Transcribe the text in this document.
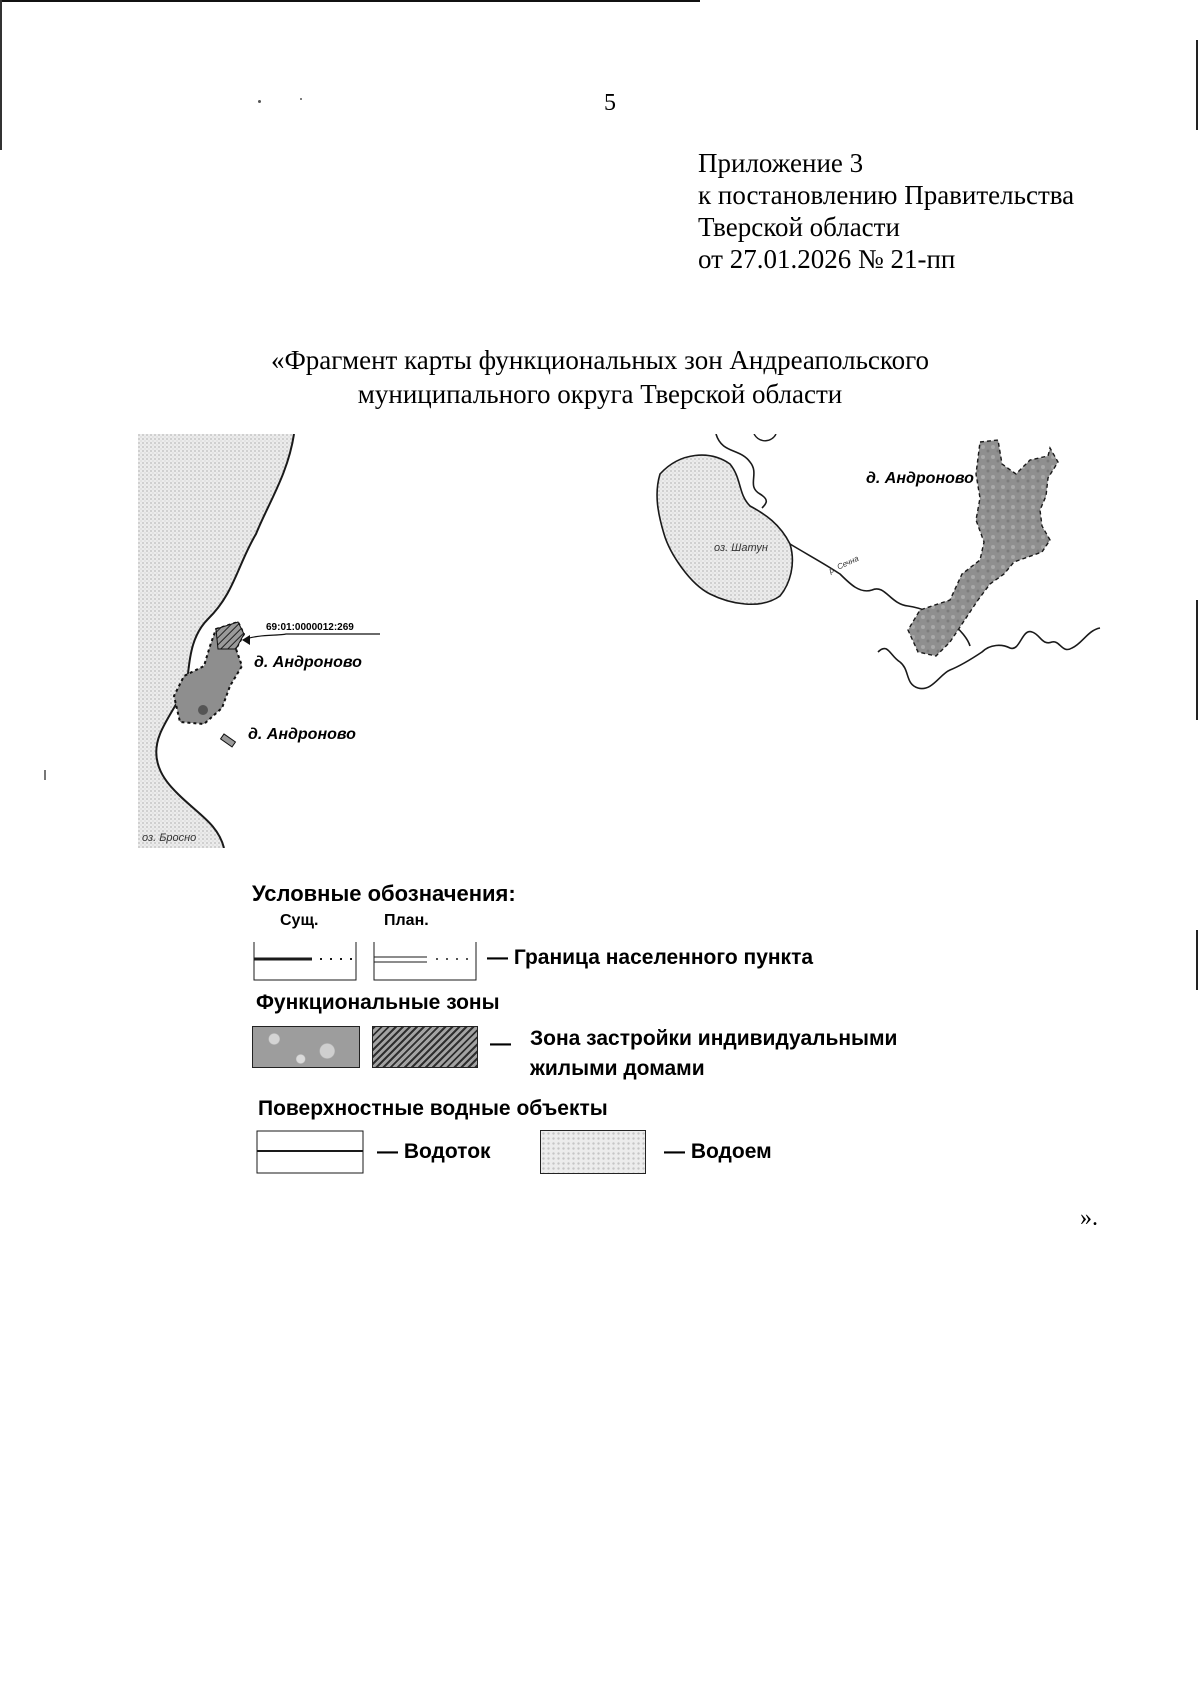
5
Приложение 3
к постановлению Правительства
Тверской области
от 27.01.2026 № 21-пп
«Фрагмент карты функциональных зон Андреапольского
муниципального округа Тверской области
69:01:0000012:269
д. Андроново
д. Андроново
оз. Бросно
д. Андроново
оз. Шатун
р. Сечна
Условные обозначения:
Сущ.	План.
— Граница населенного пункта
Функциональные зоны
— Зона застройки индивидуальными
жилыми домами
Поверхностные водные объекты
— Водоток	— Водоем
».
